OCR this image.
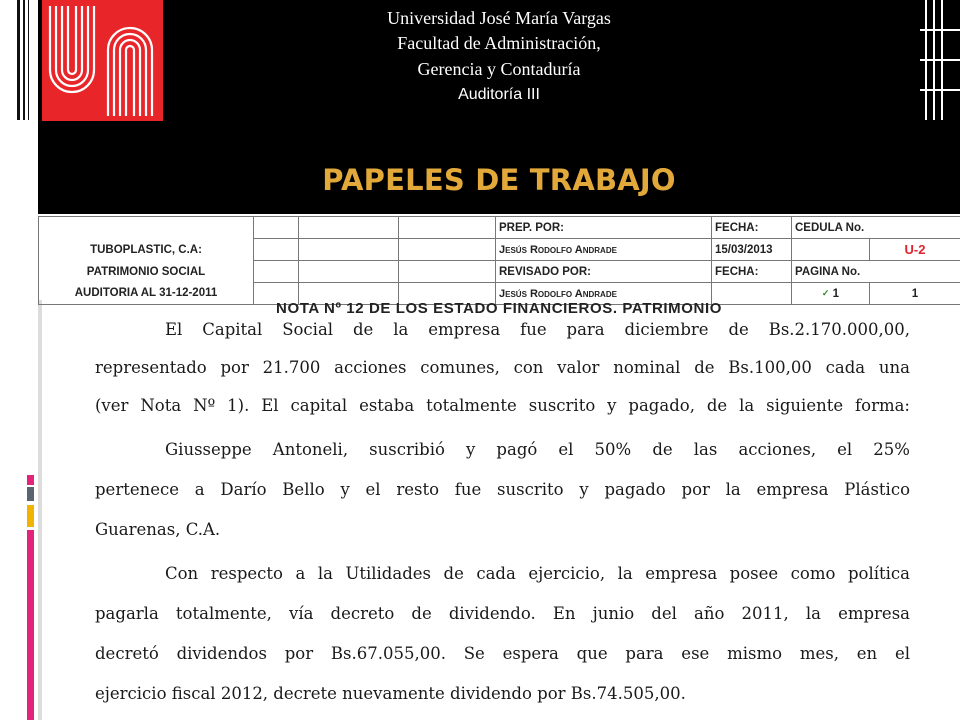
Universidad José María Vargas
Facultad de Administración,
Gerencia y Contaduría
Auditoría III
PAPELES DE TRABAJO
				PREP. POR:	FECHA:	CEDULA No.	
TUBOPLASTIC, C.A:				Jesús Rodolfo Andrade	15/03/2013		U-2
PATRIMONIO SOCIAL				REVISADO POR:	FECHA:	PAGINA No.	
AUDITORIA AL 31-12-2011				Jesús Rodolfo Andrade		✓ 1	1
NOTA Nº 12 DE LOS ESTADO FINANCIEROS. PATRIMONIO
El Capital Social de la empresa fue para diciembre de Bs.2.170.000,00,
representado por 21.700 acciones comunes, con valor nominal de Bs.100,00 cada una
(ver Nota Nº 1). El capital estaba totalmente suscrito y pagado, de la siguiente forma:
Giusseppe Antoneli, suscribió y pagó el 50% de las acciones, el 25%
pertenece a Darío Bello y el resto fue suscrito y pagado por la empresa Plástico
Guarenas, C.A.
Con respecto a la Utilidades de cada ejercicio, la empresa posee como política
pagarla totalmente, vía decreto de dividendo. En junio del año 2011, la empresa
decretó dividendos por Bs.67.055,00. Se espera que para ese mismo mes, en el
ejercicio fiscal 2012, decrete nuevamente dividendo por Bs.74.505,00.
